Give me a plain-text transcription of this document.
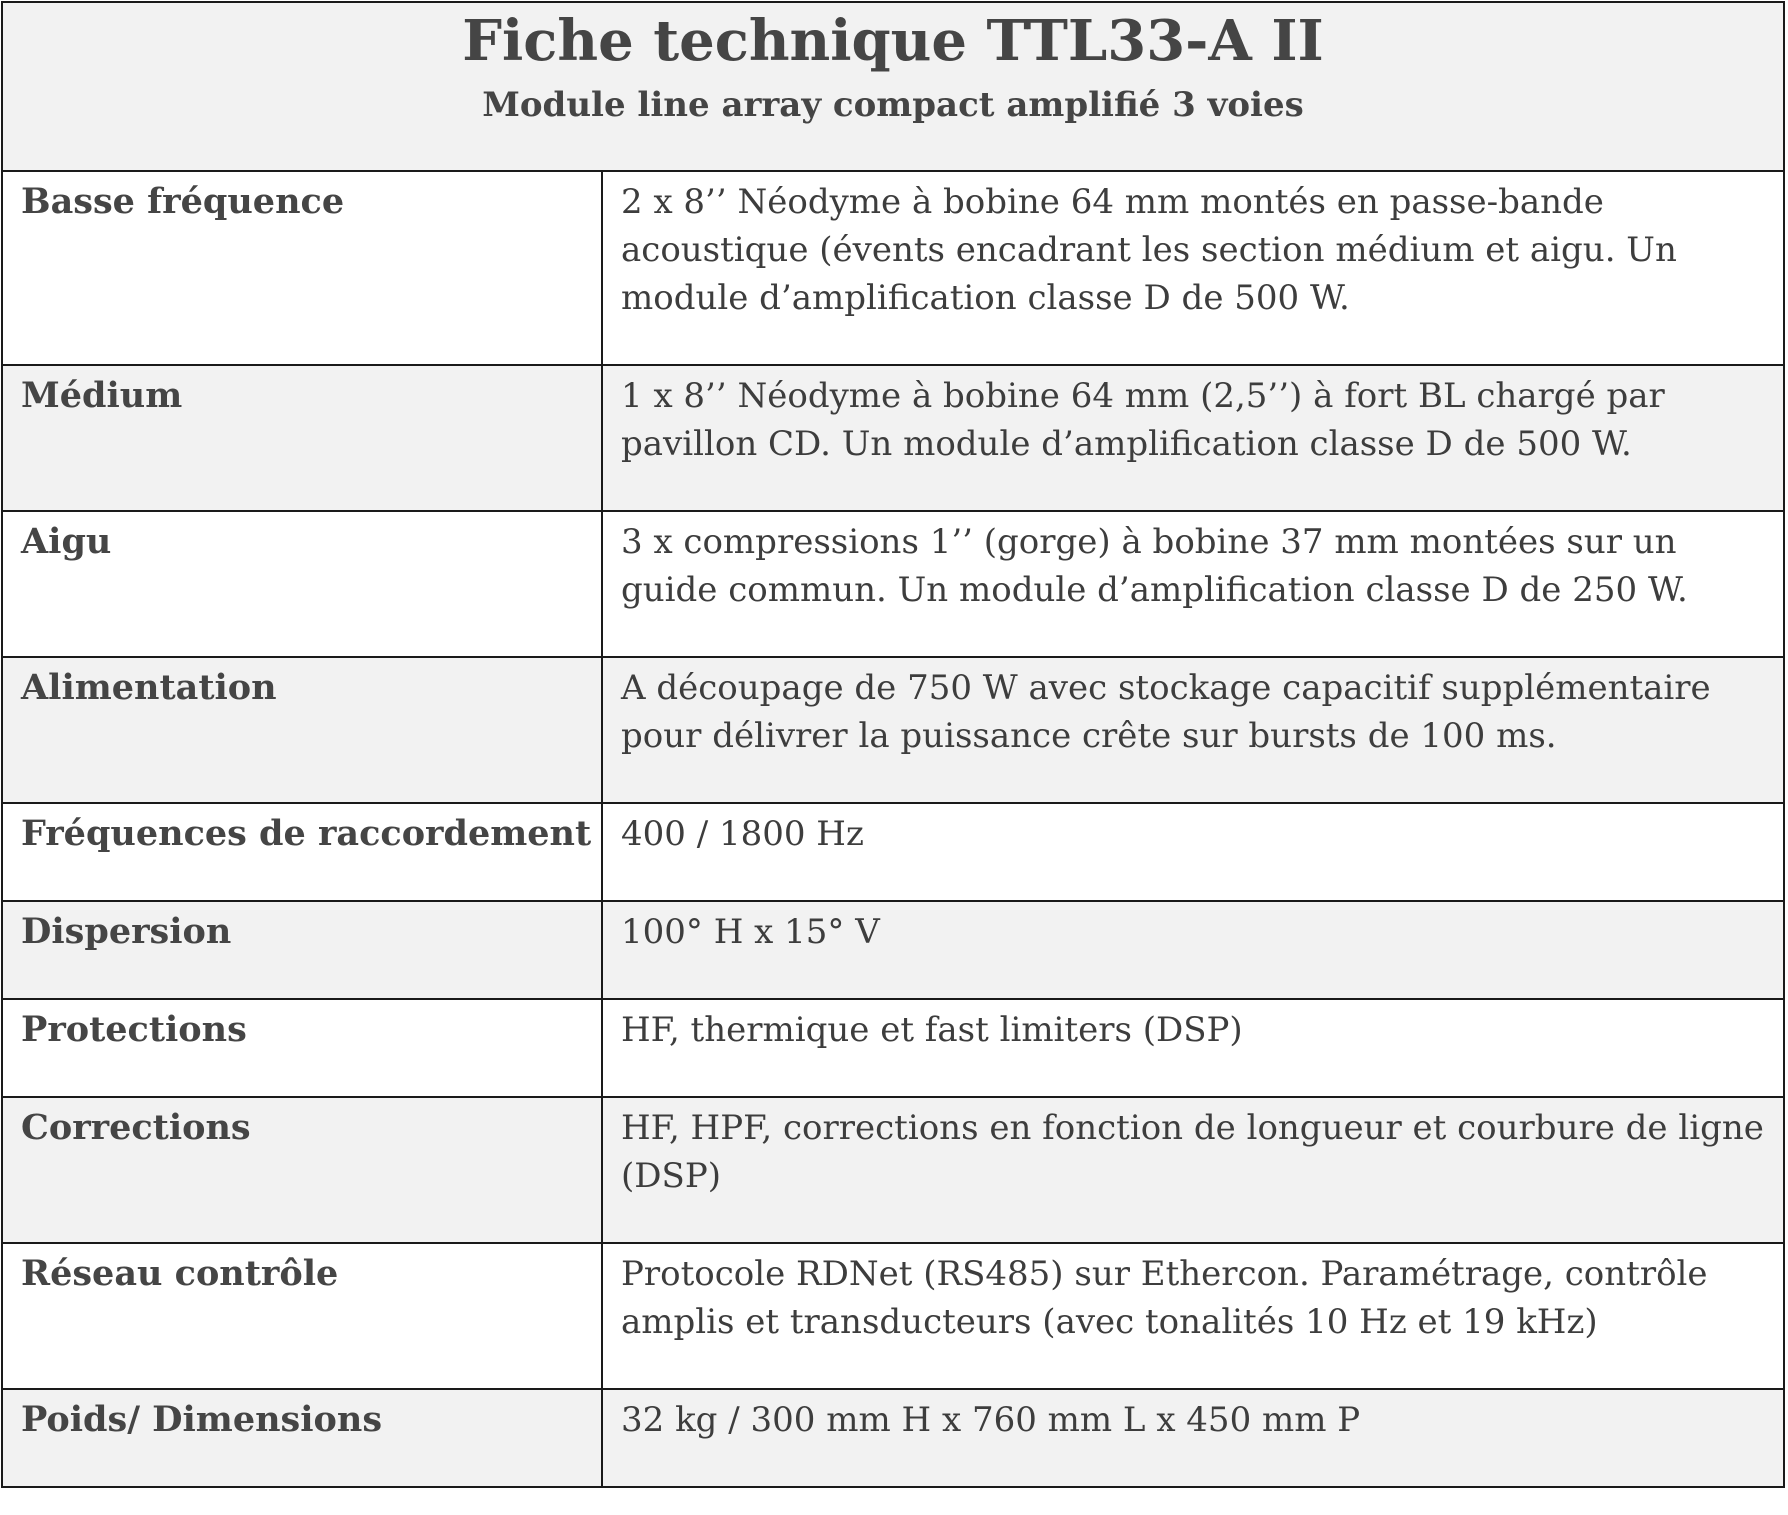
Fiche technique TTL33-A II
Module line array compact amplifié 3 voies
Basse fréquence	2 x 8’’ Néodyme à bobine 64 mm montés en passe-bande acoustique (évents encadrant les section médium et aigu. Un module d’amplification classe D de 500 W.
Médium	1 x 8’’ Néodyme à bobine 64 mm (2,5’’) à fort BL chargé par pavillon CD. Un module d’amplification classe D de 500 W.
Aigu	3 x compressions 1’’ (gorge) à bobine 37 mm montées sur un guide commun. Un module d’amplification classe D de 250 W.
Alimentation	A découpage de 750 W avec stockage capacitif supplémentaire pour délivrer la puissance crête sur bursts de 100 ms.
Fréquences de raccordement 400 / 1800 Hz
Dispersion	100° H x 15° V
Protections	HF, thermique et fast limiters (DSP)
Corrections	HF, HPF, corrections en fonction de longueur et courbure de ligne (DSP)
Réseau contrôle	Protocole RDNet (RS485) sur Ethercon. Paramétrage, contrôle amplis et transducteurs (avec tonalités 10 Hz et 19 kHz)
Poids/ Dimensions	32 kg / 300 mm H x 760 mm L x 450 mm P
